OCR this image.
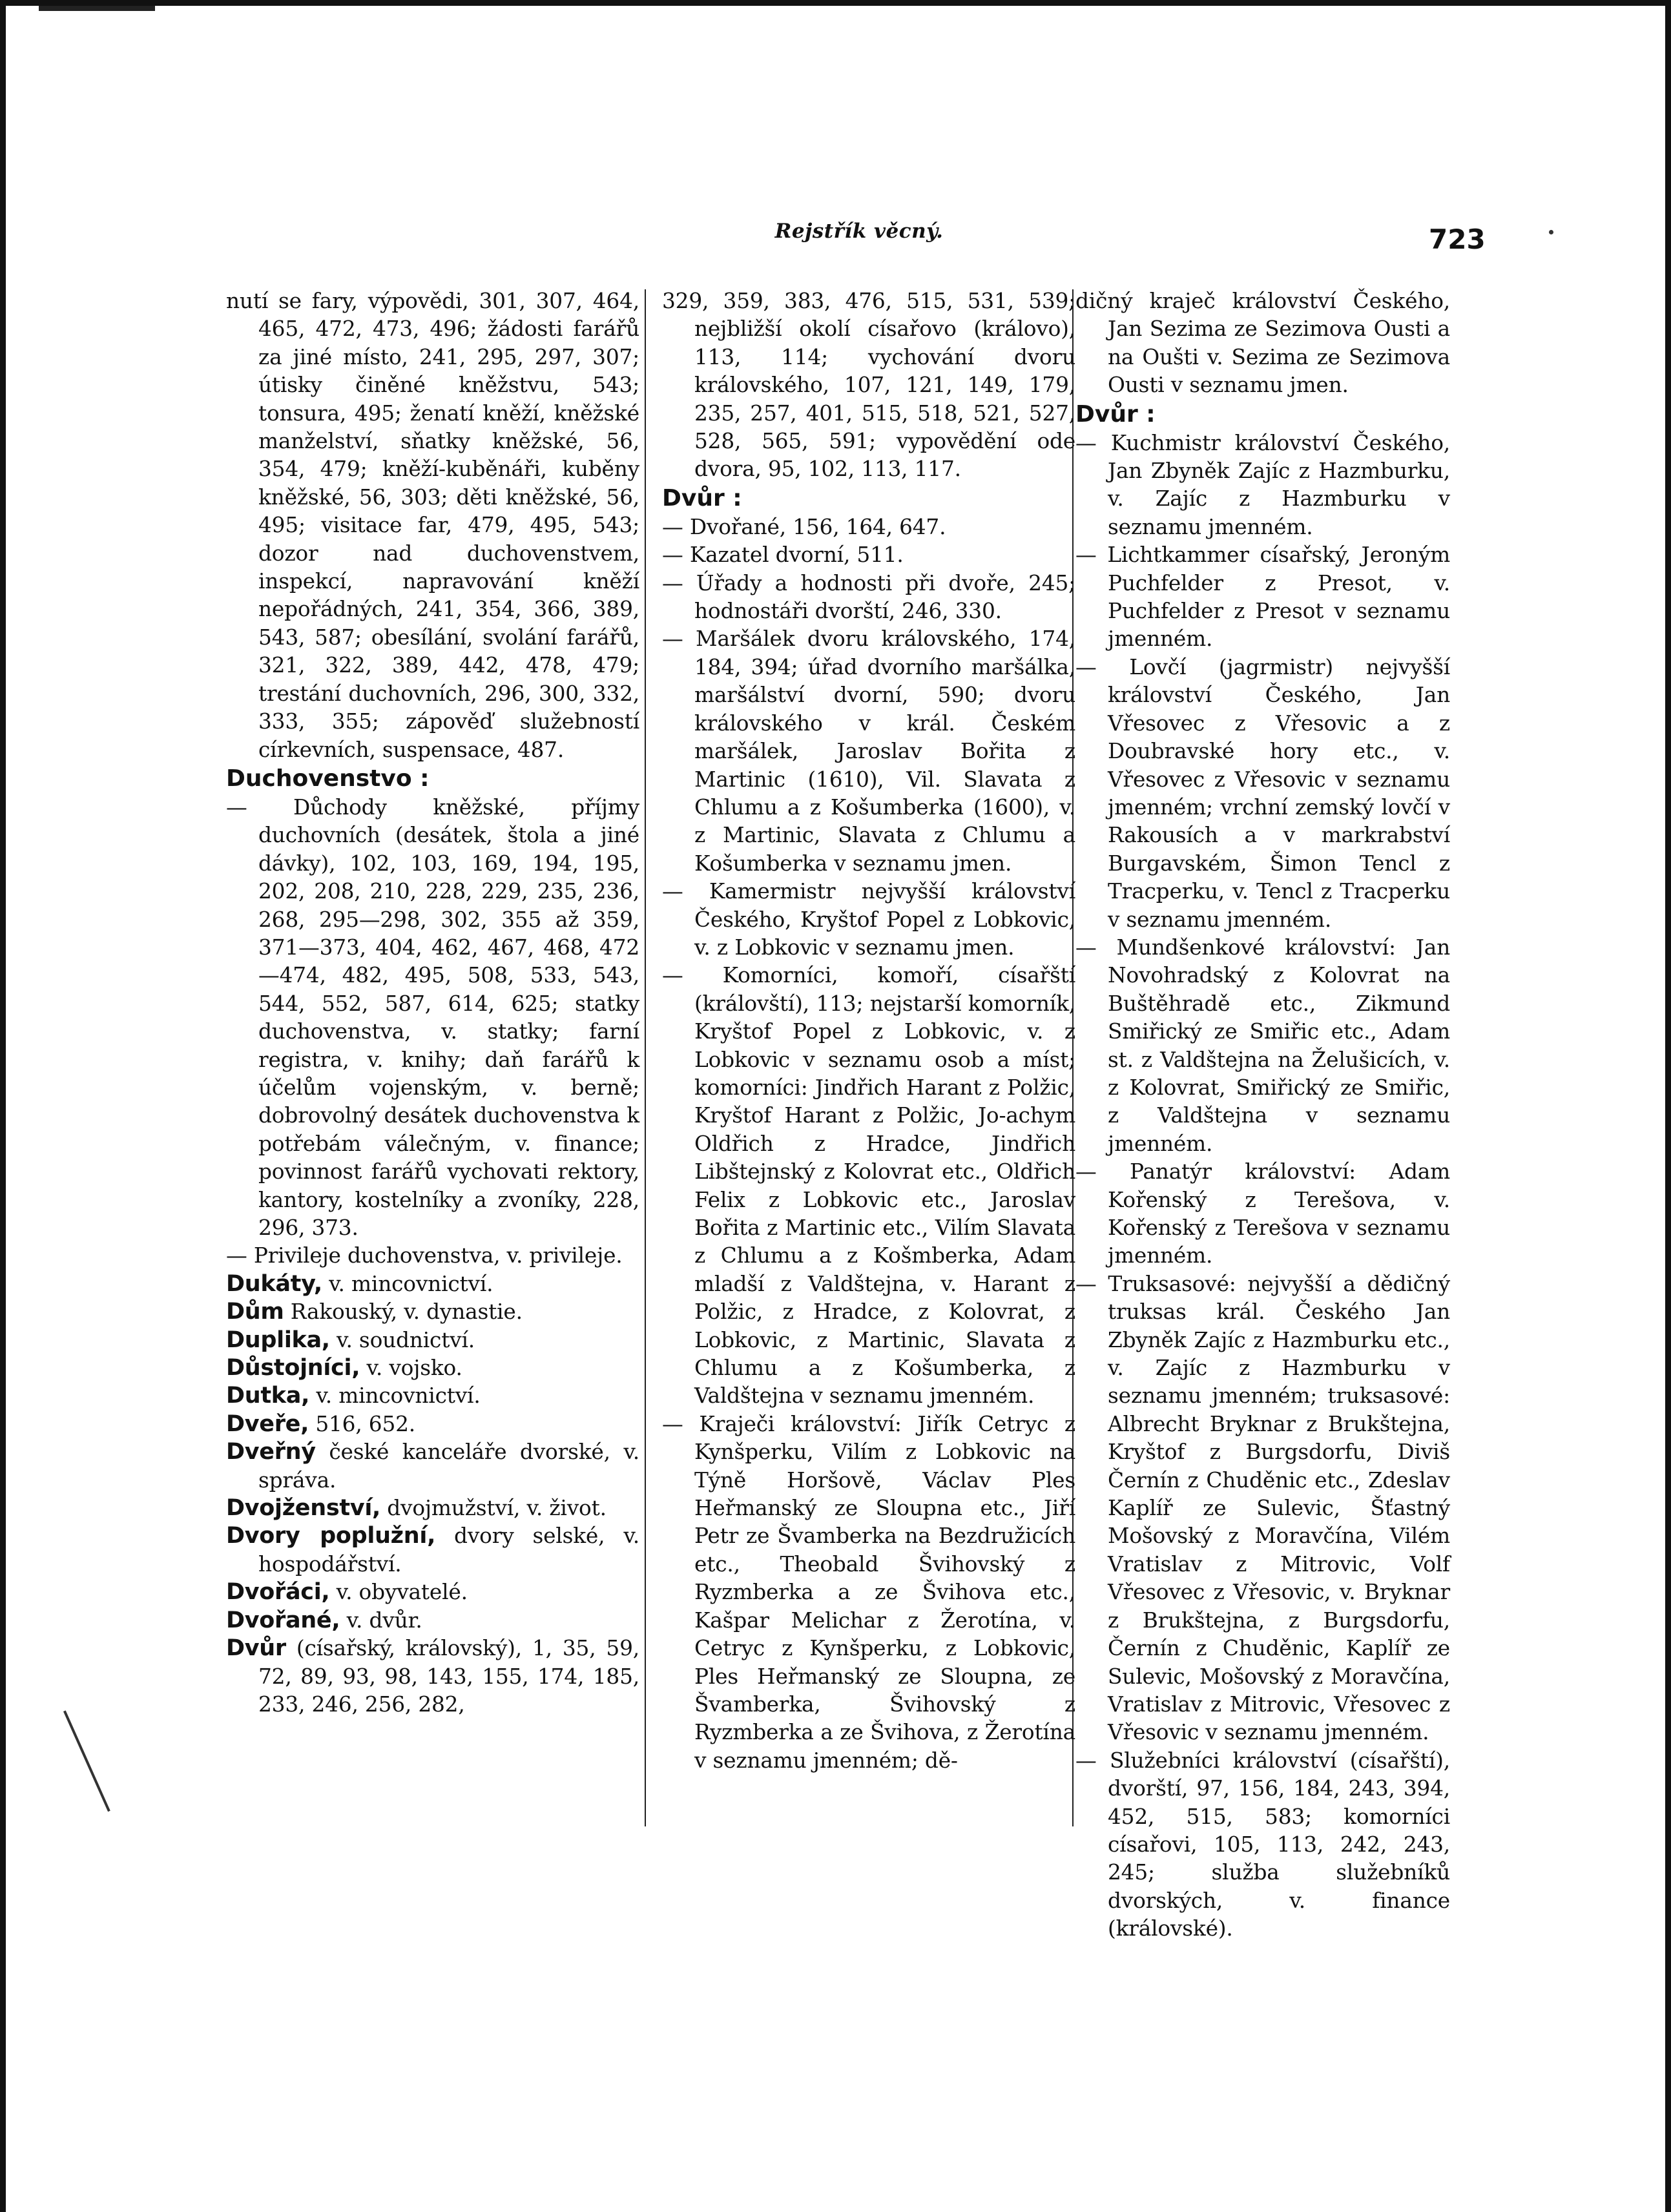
Rejstřík věcný.	723

nutí se fary, výpovědi, 301, 307, 464, 465, 472, 473, 496; žádosti farářů za jiné místo, 241, 295, 297, 307; útisky činěné kněžstvu, 543; tonsura, 495; ženatí kněží, kněžské manželství, sňatky kněžské, 56, 354, 479; kněží-kuběnáři, kuběny kněžské, 56, 303; děti kněžské, 56, 495; visitace far, 479, 495, 543; dozor nad duchovenstvem, inspekcí, napravování kněží nepořádných, 241, 354, 366, 389, 543, 587; obesílání, svolání farářů, 321, 322, 389, 442, 478, 479; trestání duchovních, 296, 300, 332, 333, 355; zápověď služebností církevních, suspensace, 487.

Duchovenstvo :

— Důchody kněžské, příjmy duchovních (desátek, štola a jiné dávky), 102, 103, 169, 194, 195, 202, 208, 210, 228, 229, 235, 236, 268, 295—298, 302, 355 až 359, 371—373, 404, 462, 467, 468, 472—474, 482, 495, 508, 533, 543, 544, 552, 587, 614, 625; statky duchovenstva, v. statky; farní registra, v. knihy; daň farářů k účelům vojenským, v. berně; dobrovolný desátek duchovenstva k potřebám válečným, v. finance; povinnost farářů vychovati rektory, kantory, kostelníky a zvoníky, 228, 296, 373.

— Privileje duchovenstva, v. privileje.

Dukáty, v. mincovnictví.

Dům Rakouský, v. dynastie.

Duplika, v. soudnictví.

Důstojníci, v. vojsko.

Dutka, v. mincovnictví.

Dveře, 516, 652.

Dveřný české kanceláře dvorské, v. správa.

Dvojženství, dvojmužství, v. život.

Dvory poplužní, dvory selské, v. hospodářství.

Dvořáci, v. obyvatelé.

Dvořané, v. dvůr.

Dvůr (císařský, královský), 1, 35, 59, 72, 89, 93, 98, 143, 155, 174, 185, 233, 246, 256, 282,

329, 359, 383, 476, 515, 531, 539; nejbližší okolí císařovo (královo), 113, 114; vychování dvoru královského, 107, 121, 149, 179, 235, 257, 401, 515, 518, 521, 527, 528, 565, 591; vypovědění ode dvora, 95, 102, 113, 117.

Dvůr :

— Dvořané, 156, 164, 647.

— Kazatel dvorní, 511.

— Úřady a hodnosti při dvoře, 245; hodnostáři dvorští, 246, 330.

— Maršálek dvoru královského, 174, 184, 394; úřad dvorního maršálka, maršálství dvorní, 590; dvoru královského v král. Českém maršálek, Jaroslav Bořita z Martinic (1610), Vil. Slavata z Chlumu a z Košumberka (1600), v. z Martinic, Slavata z Chlumu a Košumberka v seznamu jmen.

— Kamermistr nejvyšší království Českého, Kryštof Popel z Lobkovic, v. z Lobkovic v seznamu jmen.

— Komorníci, komoří, císařští (královští), 113; nejstarší komorník, Kryštof Popel z Lobkovic, v. z Lobkovic v seznamu osob a míst; komorníci: Jindřich Harant z Polžic, Kryštof Harant z Polžic, Jo-achym Oldřich z Hradce, Jindřich Libštejnský z Kolovrat etc., Oldřich Felix z Lobkovic etc., Jaroslav Bořita z Martinic etc., Vilím Slavata z Chlumu a z Košmberka, Adam mladší z Valdštejna, v. Harant z Polžic, z Hradce, z Kolovrat, z Lobkovic, z Martinic, Slavata z Chlumu a z Košumberka, z Valdštejna v seznamu jmenném.

— Kraječi království: Jiřík Cetryc z Kynšperku, Vilím z Lobkovic na Týně Horšově, Václav Ples Heřmanský ze Sloupna etc., Jiří Petr ze Švamberka na Bezdružicích etc., Theobald Švihovský z Ryzmberka a ze Švihova etc., Kašpar Melichar z Žerotína, v. Cetryc z Kynšperku, z Lobkovic, Ples Heřmanský ze Sloupna, ze Švamberka, Švihovský z Ryzmberka a ze Švihova, z Žerotína v seznamu jmenném; dě-

dičný kraječ království Českého, Jan Sezima ze Sezimova Ousti a na Oušti v. Sezima ze Sezimova Ousti v seznamu jmen.

Dvůr :

— Kuchmistr království Českého, Jan Zbyněk Zajíc z Hazmburku, v. Zajíc z Hazmburku v seznamu jmenném.

— Lichtkammer císařský, Jeroným Puchfelder z Presot, v. Puchfelder z Presot v seznamu jmenném.

— Lovčí (jagrmistr) nejvyšší království Českého, Jan Vřesovec z Vřesovic a z Doubravské hory etc., v. Vřesovec z Vřesovic v seznamu jmenném; vrchní zemský lovčí v Rakousích a v markrabství Burgavském, Šimon Tencl z Tracperku, v. Tencl z Tracperku v seznamu jmenném.

— Mundšenkové království: Jan Novohradský z Kolovrat na Buštěhradě etc., Zikmund Smiřický ze Smiřic etc., Adam st. z Valdštejna na Želušicích, v. z Kolovrat, Smiřický ze Smiřic, z Valdštejna v seznamu jmenném.

— Panatýr království: Adam Kořenský z Terešova, v. Kořenský z Terešova v seznamu jmenném.

— Truksasové: nejvyšší a dědičný truksas král. Českého Jan Zbyněk Zajíc z Hazmburku etc., v. Zajíc z Hazmburku v seznamu jmenném; truksasové: Albrecht Bryknar z Brukštejna, Kryštof z Burgsdorfu, Diviš Černín z Chuděnic etc., Zdeslav Kaplíř ze Sulevic, Šťastný Mošovský z Moravčína, Vilém Vratislav z Mitrovic, Volf Vřesovec z Vřesovic, v. Bryknar z Brukštejna, z Burgsdorfu, Černín z Chuděnic, Kaplíř ze Sulevic, Mošovský z Moravčína, Vratislav z Mitrovic, Vřesovec z Vřesovic v seznamu jmenném.

— Služebníci království (císařští), dvorští, 97, 156, 184, 243, 394, 452, 515, 583; komorníci císařovi, 105, 113, 242, 243, 245; služba služebníků dvorských, v. finance (královské).
